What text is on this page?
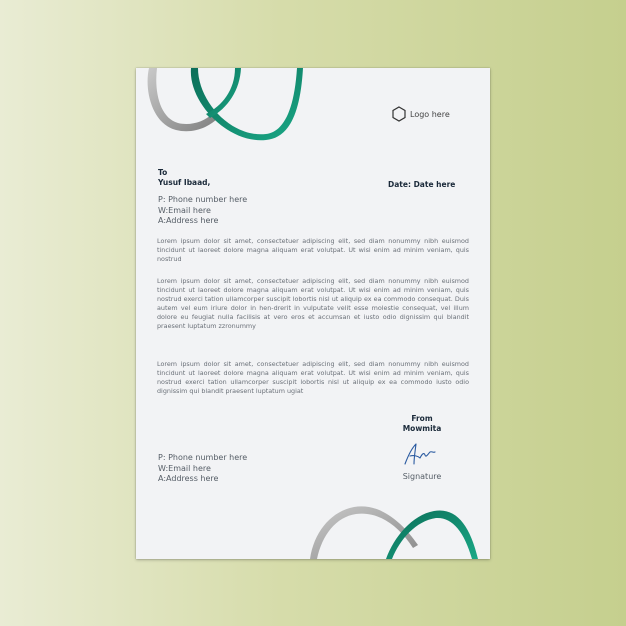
Logo here
To
Yusuf Ibaad,	Date: Date here
P: Phone number here
W:Email here
A:Address here
Lorem ipsum dolor sit amet, consectetuer adipiscing elit, sed diam nonummy nibh euismod tincidunt ut laoreet dolore magna aliquam erat volutpat. Ut wisi enim ad minim veniam, quis nostrud
Lorem ipsum dolor sit amet, consectetuer adipiscing elit, sed diam nonummy nibh euismod tincidunt ut laoreet dolore magna aliquam erat volutpat. Ut wisi enim ad minim veniam, quis nostrud exerci tation ullamcorper suscipit lobortis nisl ut aliquip ex ea commodo consequat. Duis autem vel eum iriure dolor in hen-drerit in vulputate velit esse molestie consequat, vel illum dolore eu feugiat nulla facilisis at vero eros et accumsan et iusto odio dignissim qui blandit praesent luptatum zzronummy
Lorem ipsum dolor sit amet, consectetuer adipiscing elit, sed diam nonummy nibh euismod tincidunt ut laoreet dolore magna aliquam erat volutpat. Ut wisi enim ad minim veniam, quis nostrud exerci tation ullamcorper suscipit lobortis nisl ut aliquip ex ea commodo iusto odio dignissim qui blandit praesent luptatum ugiat
From
Mowmita
Signature
P: Phone number here
W:Email here
A:Address here
